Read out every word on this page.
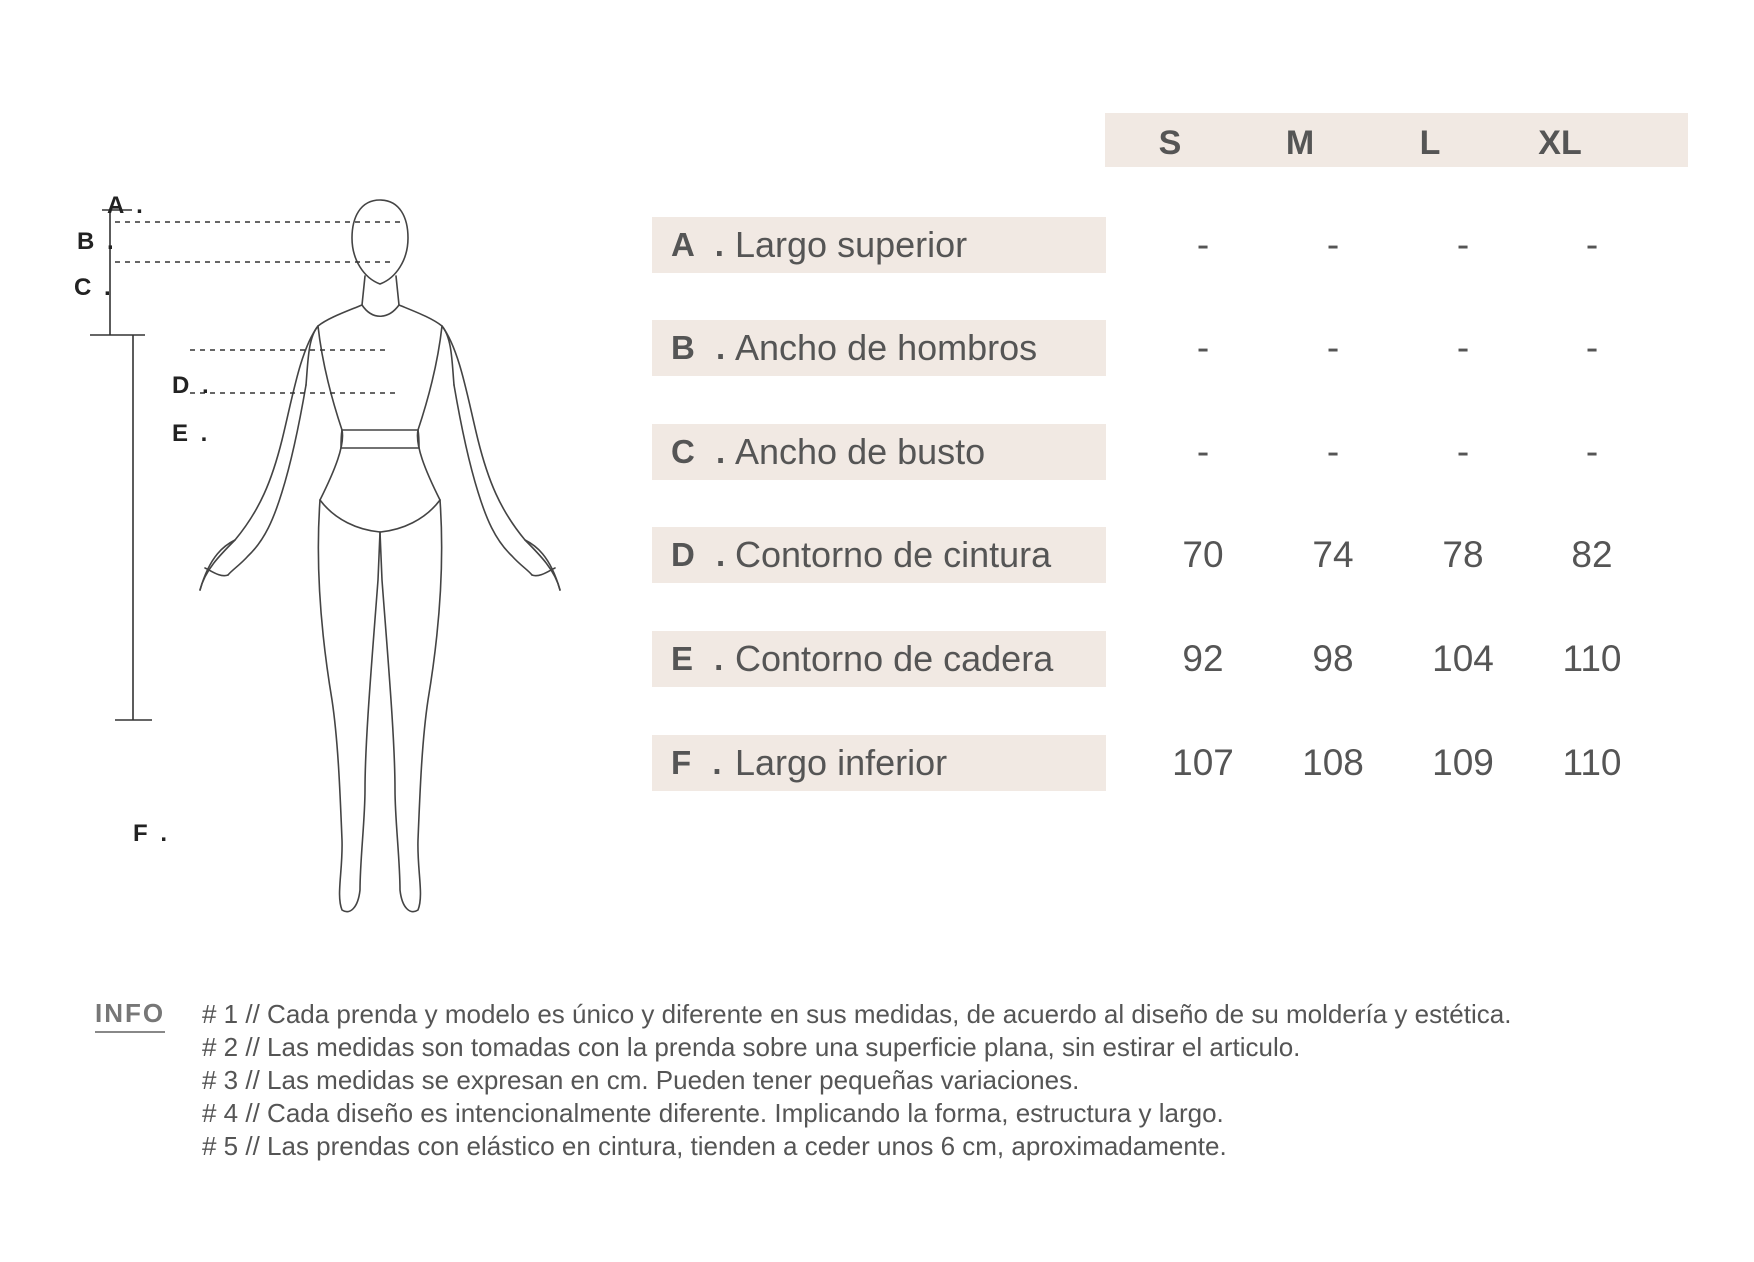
A .
B .
C .
D .
E .
F .
S	M	L	XL
A . Largo superior	-	-	-	-
B . Ancho de hombros	-	-	-	-
C . Ancho de busto	-	-	-	-
D . Contorno de cintura	70	74	78	82
E . Contorno de cadera	92	98	104	110
F . Largo inferior	107	108	109	110
INFO # 1 // Cada prenda y modelo es único y diferente en sus medidas, de acuerdo al diseño de su moldería y estética.
# 2 // Las medidas son tomadas con la prenda sobre una superficie plana, sin estirar el articulo.
# 3 // Las medidas se expresan en cm. Pueden tener pequeñas variaciones.
# 4 // Cada diseño es intencionalmente diferente. Implicando la forma, estructura y largo.
# 5 // Las prendas con elástico en cintura, tienden a ceder unos 6 cm, aproximadamente.
